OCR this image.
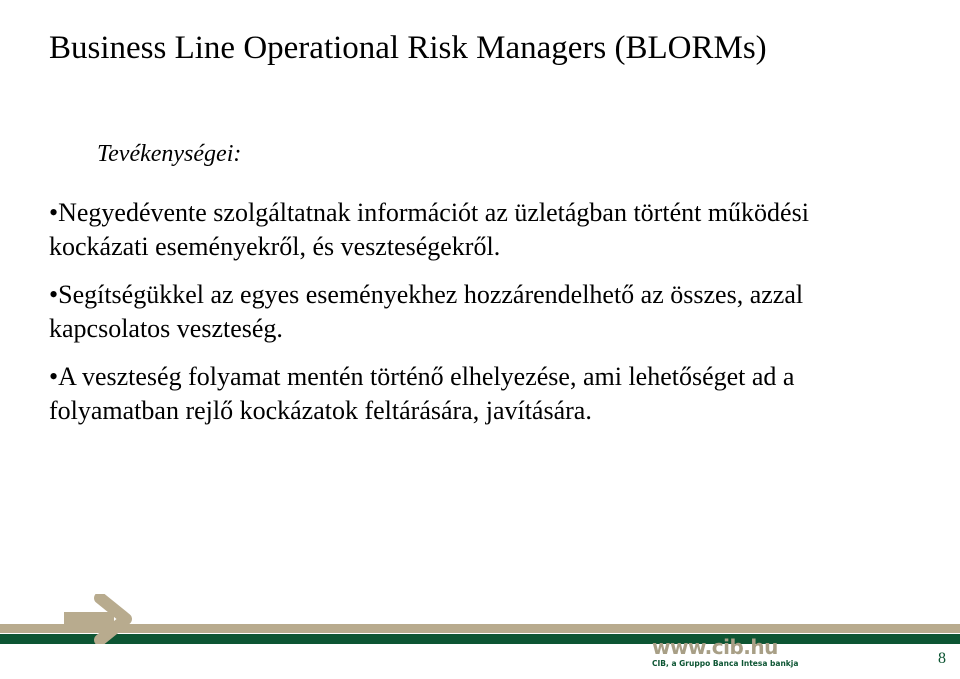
Business Line Operational Risk Managers (BLORMs)
Tevékenységei:
•Negyedévente szolgáltatnak információt az üzletágban történt működési kockázati eseményekről, és veszteségekről.
•Segítségükkel az egyes eseményekhez hozzárendelhető az összes, azzal kapcsolatos veszteség.
•A veszteség folyamat mentén történő elhelyezése, ami lehetőséget ad a folyamatban rejlő kockázatok feltárására, javítására.
www.cib.hu
CIB, a Gruppo Banca Intesa bankja	8
